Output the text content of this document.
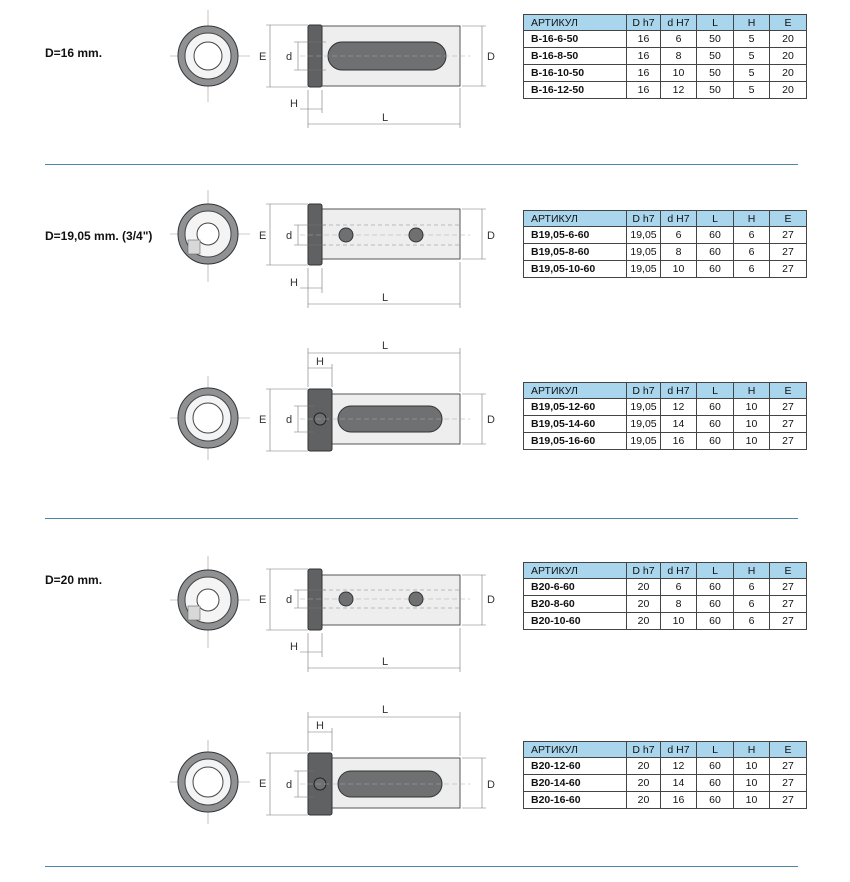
D=16 mm.
D=19,05 mm. (3/4")
D=20 mm.
E d	D
H
L
E d	D
H
L
E d	D
H
L
E d	D
H
L
E d	D
H
L
АРТИКУЛ	D h7	d H7	L	H	E
B-16-6-50	16	6	50	5	20
B-16-8-50	16	8	50	5	20
B-16-10-50	16	10	50	5	20
B-16-12-50	16	12	50	5	20
АРТИКУЛ	D h7	d H7	L	H	E
B19,05-6-60	19,05	6	60	6	27
B19,05-8-60	19,05	8	60	6	27
B19,05-10-60	19,05	10	60	6	27
АРТИКУЛ	D h7	d H7	L	H	E
B19,05-12-60	19,05	12	60	10	27
B19,05-14-60	19,05	14	60	10	27
B19,05-16-60	19,05	16	60	10	27
АРТИКУЛ	D h7	d H7	L	H	E
B20-6-60	20	6	60	6	27
B20-8-60	20	8	60	6	27
B20-10-60	20	10	60	6	27
АРТИКУЛ	D h7	d H7	L	H	E
B20-12-60	20	12	60	10	27
B20-14-60	20	14	60	10	27
B20-16-60	20	16	60	10	27
